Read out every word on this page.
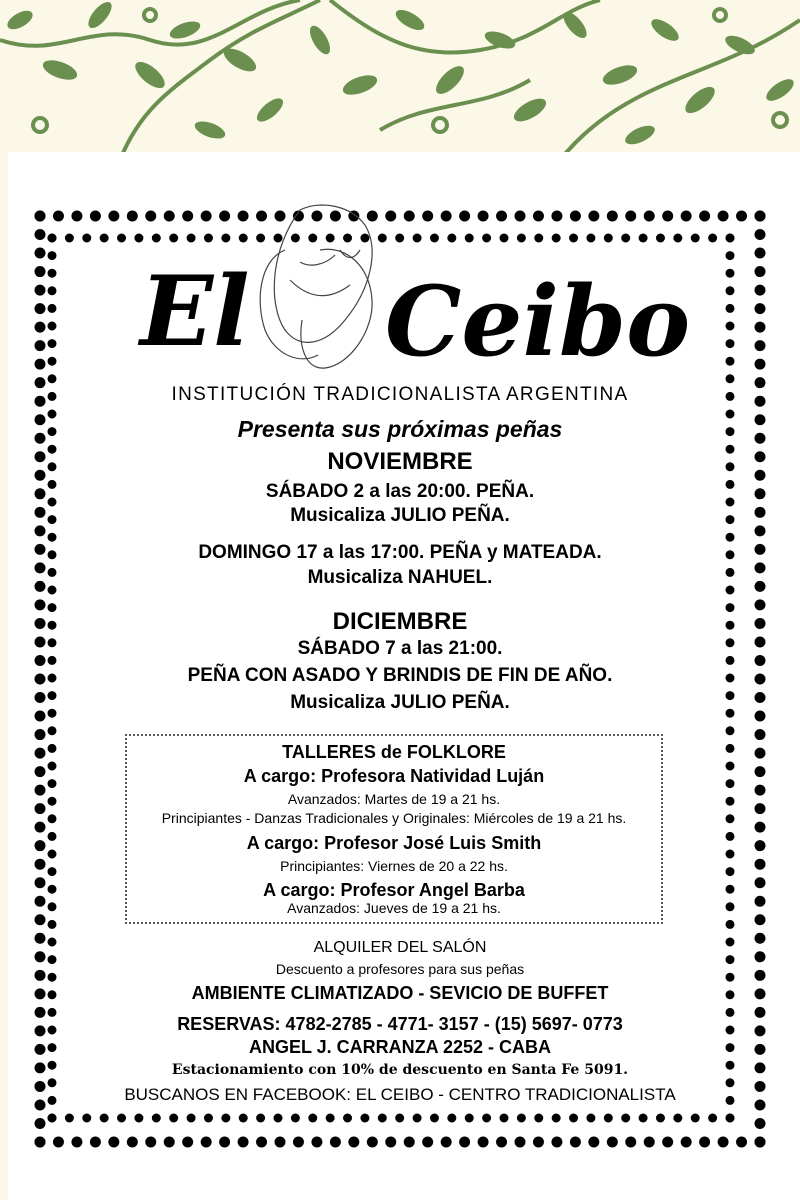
El Ceibo
INSTITUCIÓN TRADICIONALISTA ARGENTINA
Presenta sus próximas peñas
NOVIEMBRE
SÁBADO 2 a las 20:00. PEÑA.
Musicaliza JULIO PEÑA.
DOMINGO 17 a las 17:00. PEÑA y MATEADA.
Musicaliza NAHUEL.
DICIEMBRE
SÁBADO 7 a las 21:00.
PEÑA CON ASADO Y BRINDIS DE FIN DE AÑO.
Musicaliza JULIO PEÑA.
TALLERES de FOLKLORE
A cargo: Profesora Natividad Luján
Avanzados: Martes de 19 a 21 hs.
Principiantes - Danzas Tradicionales y Originales: Miércoles de 19 a 21 hs.
A cargo: Profesor José Luis Smith
Principiantes: Viernes de 20 a 22 hs.
A cargo: Profesor Angel Barba
Avanzados: Jueves de 19 a 21 hs.
ALQUILER DEL SALÓN
Descuento a profesores para sus peñas
AMBIENTE CLIMATIZADO - SEVICIO DE BUFFET
RESERVAS: 4782-2785 - 4771- 3157 - (15) 5697- 0773
ANGEL J. CARRANZA 2252 - CABA
Estacionamiento con 10% de descuento en Santa Fe 5091.
BUSCANOS EN FACEBOOK: EL CEIBO - CENTRO TRADICIONALISTA
